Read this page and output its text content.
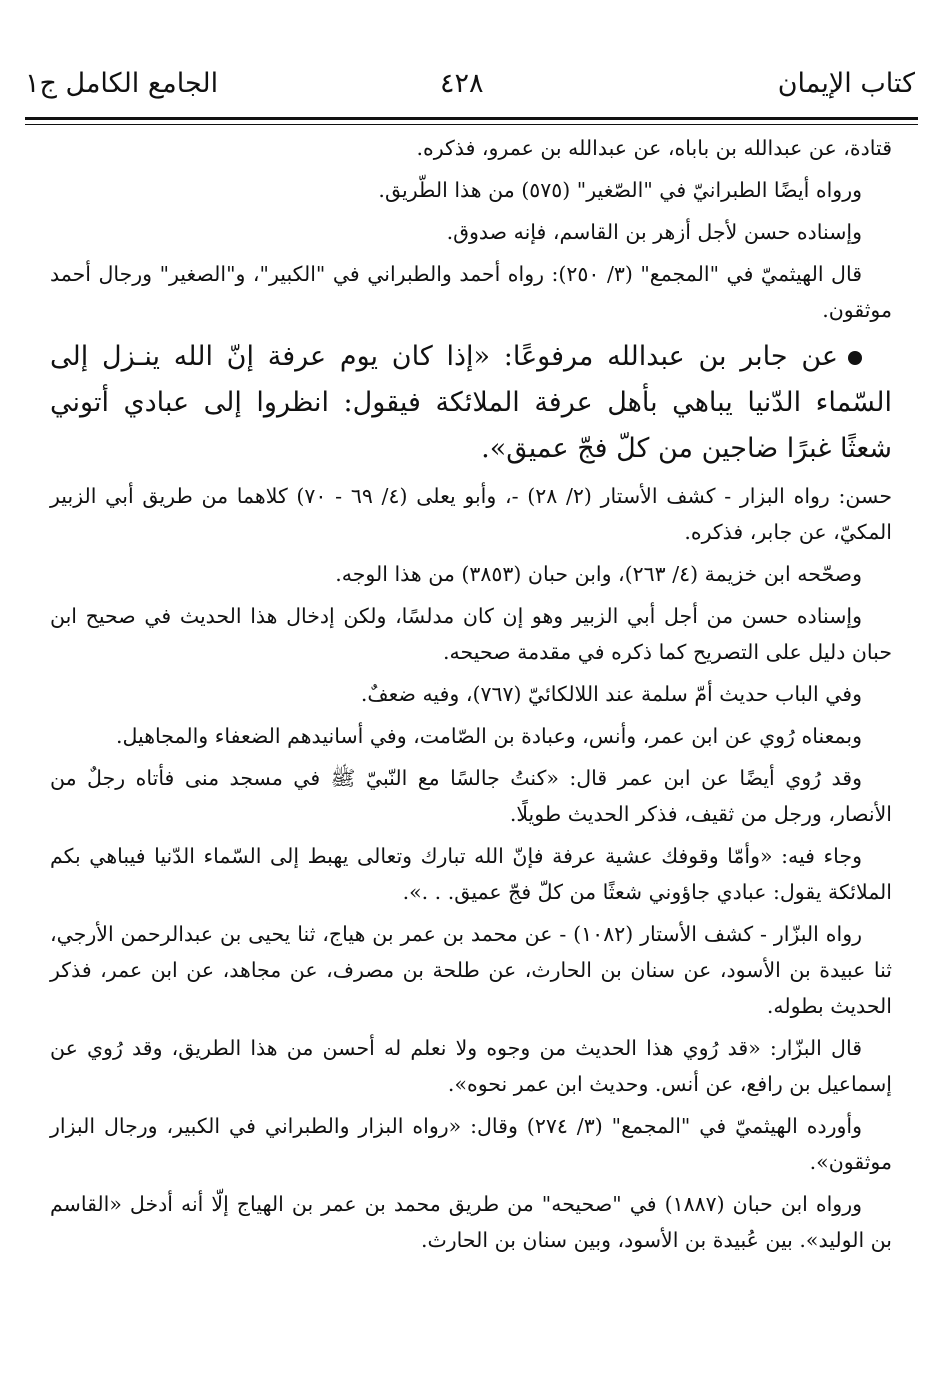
كتاب الإيمان
٤٢٨
الجامع الكامل ج١

قتادة، عن عبدالله بن باباه، عن عبدالله بن عمرو، فذكره.

ورواه أيضًا الطبرانيّ في "الصّغير" (٥٧٥) من هذا الطّريق.

وإسناده حسن لأجل أزهر بن القاسم، فإنه صدوق.

قال الهيثميّ في "المجمع" (٣/ ٢٥٠): رواه أحمد والطبراني في "الكبير"، و"الصغير" ورجال أحمد موثقون.

عن جابر بن عبدالله مرفوعًا: «إذا كان يوم عرفة إنّ الله ينـزل إلى السّماء الدّنيا يباهي بأهل عرفة الملائكة فيقول: انظروا إلى عبادي أتوني شعثًا غبرًا ضاجين من كلّ فجّ عميق».

حسن: رواه البزار - كشف الأستار (٢/ ٢٨) -، وأبو يعلى (٤/ ٦٩ - ٧٠) كلاهما من طريق أبي الزبير المكيّ، عن جابر، فذكره.

وصحّحه ابن خزيمة (٤/ ٢٦٣)، وابن حبان (٣٨٥٣) من هذا الوجه.

وإسناده حسن من أجل أبي الزبير وهو إن كان مدلسًا، ولكن إدخال هذا الحديث في صحيح ابن حبان دليل على التصريح كما ذكره في مقدمة صحيحه.

وفي الباب حديث أمّ سلمة عند اللالكائيّ (٧٦٧)، وفيه ضعفٌ.

وبمعناه رُوي عن ابن عمر، وأنس، وعبادة بن الصّامت، وفي أسانيدهم الضعفاء والمجاهيل.

وقد رُوي أيضًا عن ابن عمر قال: «كنتُ جالسًا مع النّبيّ ﷺ في مسجد منى فأتاه رجلٌ من الأنصار، ورجل من ثقيف، فذكر الحديث طويلًا.

وجاء فيه: «وأمّا وقوفك عشية عرفة فإنّ الله تبارك وتعالى يهبط إلى السّماء الدّنيا فيباهي بكم الملائكة يقول: عبادي جاؤوني شعثًا من كلّ فجّ عميق. . .».

رواه البزّار - كشف الأستار (١٠٨٢) - عن محمد بن عمر بن هياج، ثنا يحيى بن عبدالرحمن الأرجي، ثنا عبيدة بن الأسود، عن سنان بن الحارث، عن طلحة بن مصرف، عن مجاهد، عن ابن عمر، فذكر الحديث بطوله.

قال البزّار: «قد رُوي هذا الحديث من وجوه ولا نعلم له أحسن من هذا الطريق، وقد رُوي عن إسماعيل بن رافع، عن أنس. وحديث ابن عمر نحوه».

وأورده الهيثميّ في "المجمع" (٣/ ٢٧٤) وقال: «رواه البزار والطبراني في الكبير، ورجال البزار موثقون».

ورواه ابن حبان (١٨٨٧) في "صحيحه" من طريق محمد بن عمر بن الهياج إلّا أنه أدخل «القاسم بن الوليد». بين عُبيدة بن الأسود، وبين سنان بن الحارث.
